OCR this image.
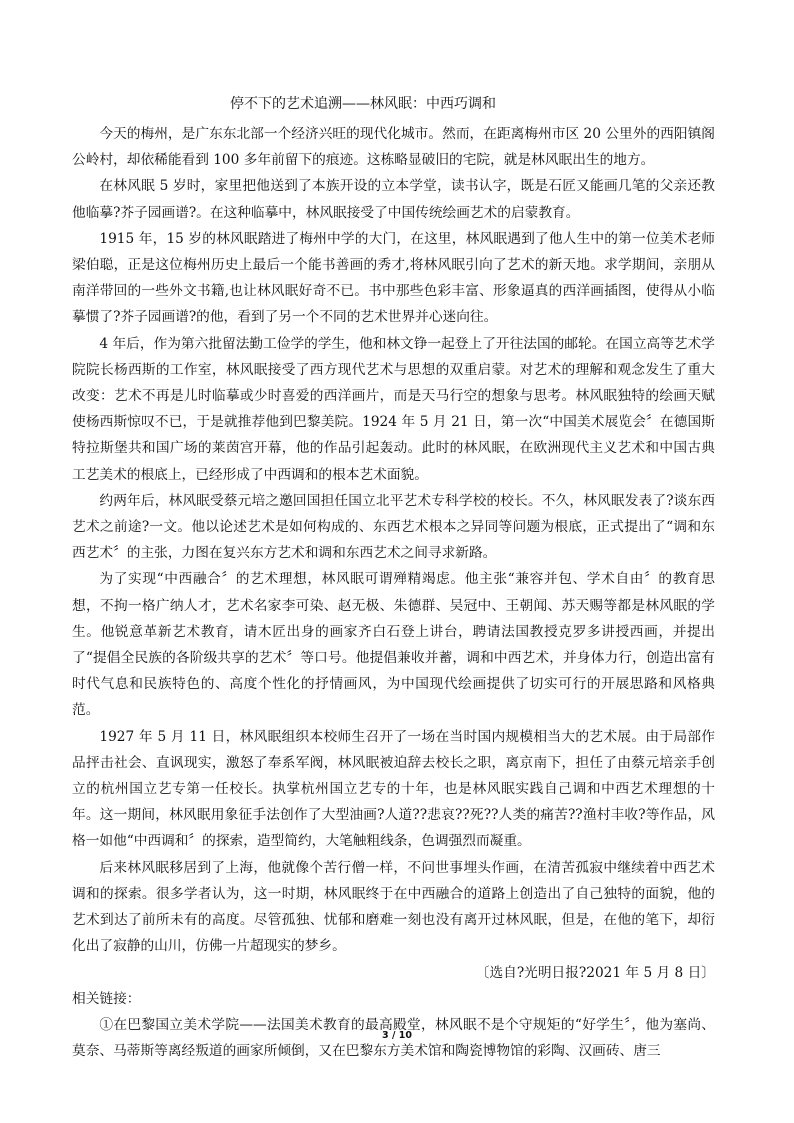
停不下的艺术追溯——林风眠：中西巧调和

今天的梅州，是广东东北部一个经济兴旺的现代化城市。然而，在距离梅州市区 20 公里外的西阳镇阁公岭村，却依稀能看到 100 多年前留下的痕迹。这栋略显破旧的宅院，就是林风眠出生的地方。

在林风眠 5 岁时，家里把他送到了本族开设的立本学堂，读书认字，既是石匠又能画几笔的父亲还教他临摹?芥子园画谱?。在这种临摹中，林风眠接受了中国传统绘画艺术的启蒙教育。

1915 年，15 岁的林风眠踏进了梅州中学的大门，在这里，林风眠遇到了他人生中的第一位美术老师梁伯聪，正是这位梅州历史上最后一个能书善画的秀才,将林风眠引向了艺术的新天地。求学期间，亲朋从南洋带回的一些外文书籍,也让林风眠好奇不已。书中那些色彩丰富、形象逼真的西洋画插图，使得从小临摹惯了?芥子园画谱?的他，看到了另一个不同的艺术世界并心迷向往。

4 年后，作为第六批留法勤工俭学的学生，他和林文铮一起登上了开往法国的邮轮。在国立高等艺术学院院长杨西斯的工作室，林风眠接受了西方现代艺术与思想的双重启蒙。对艺术的理解和观念发生了重大改变：艺术不再是儿时临摹或少时喜爱的西洋画片，而是天马行空的想象与思考。林风眠独特的绘画天赋使杨西斯惊叹不已，于是就推荐他到巴黎美院。1924 年 5 月 21 日，第一次“中国美术展览会〞在德国斯特拉斯堡共和国广场的莱茵宫开幕，他的作品引起轰动。此时的林风眠，在欧洲现代主义艺术和中国古典工艺美术的根底上，已经形成了中西调和的根本艺术面貌。

约两年后，林风眠受蔡元培之邀回国担任国立北平艺术专科学校的校长。不久，林风眠发表了?谈东西艺术之前途?一文。他以论述艺术是如何构成的、东西艺术根本之异同等问题为根底，正式提出了“调和东西艺术〞的主张，力图在复兴东方艺术和调和东西艺术之间寻求新路。

为了实现“中西融合〞的艺术理想，林风眠可谓殚精竭虑。他主张“兼容并包、学术自由〞的教育思想，不拘一格广纳人才，艺术名家李可染、赵无极、朱德群、吴冠中、王朝闻、苏天赐等都是林风眠的学生。他锐意革新艺术教育，请木匠出身的画家齐白石登上讲台，聘请法国教授克罗多讲授西画，并提出了“提倡全民族的各阶级共享的艺术〞等口号。他提倡兼收并蓄，调和中西艺术，并身体力行，创造出富有时代气息和民族特色的、高度个性化的抒情画风，为中国现代绘画提供了切实可行的开展思路和风格典范。

1927 年 5 月 11 日，林风眠组织本校师生召开了一场在当时国内规模相当大的艺术展。由于局部作品抨击社会、直讽现实，激怒了奉系军阀，林风眠被迫辞去校长之职，离京南下，担任了由蔡元培亲手创立的杭州国立艺专第一任校长。执掌杭州国立艺专的十年，也是林风眠实践自己调和中西艺术理想的十年。这一期间，林风眠用象征手法创作了大型油画?人道??悲哀??死??人类的痛苦??渔村丰收?等作品，风格一如他“中西调和〞的探索，造型简约，大笔触粗线条，色调强烈而凝重。

后来林风眠移居到了上海，他就像个苦行僧一样，不问世事埋头作画，在清苦孤寂中继续着中西艺术调和的探索。很多学者认为，这一时期，林风眠终于在中西融合的道路上创造出了自己独特的面貌，他的艺术到达了前所未有的高度。尽管孤独、忧郁和磨难一刻也没有离开过林风眠，但是，在他的笔下，却衍化出了寂静的山川，仿佛一片超现实的梦乡。

〔选自?光明日报?2021 年 5 月 8 日〕

相关链接：

①在巴黎国立美术学院——法国美术教育的最高殿堂，林风眠不是个守规矩的“好学生〞，他为塞尚、莫奈、马蒂斯等离经叛道的画家所倾倒，又在巴黎东方美术馆和陶瓷博物馆的彩陶、汉画砖、唐三

3 / 10
